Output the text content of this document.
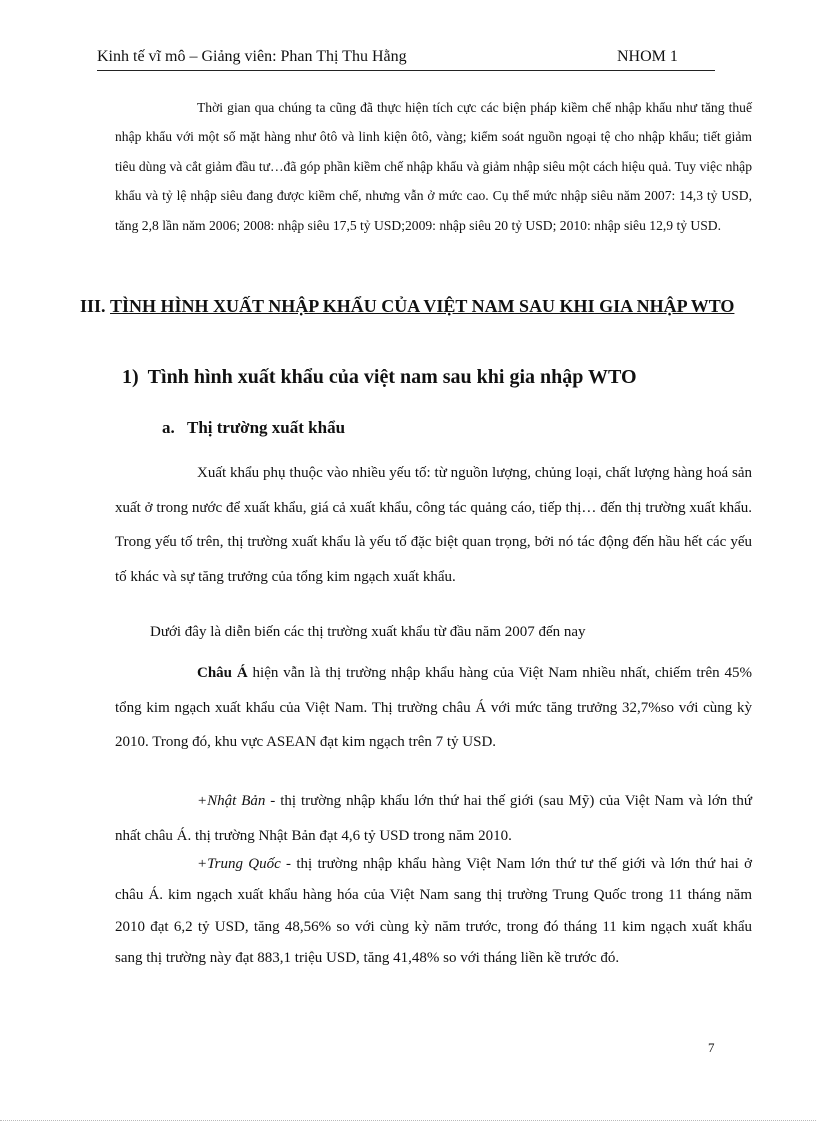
Kinh tế vĩ mô – Giảng viên: Phan Thị Thu Hằng	NHOM 1
Thời gian qua chúng ta cũng đã thực hiện tích cực các biện pháp kiềm chế nhập khẩu như tăng thuế nhập khẩu với một số mặt hàng như ôtô và linh kiện ôtô, vàng; kiểm soát nguồn ngoại tệ cho nhập khẩu; tiết giảm tiêu dùng và cắt giảm đầu tư…đã góp phần kiềm chế nhập khẩu và giảm nhập siêu một cách hiệu quả. Tuy việc nhập khẩu và tỷ lệ nhập siêu đang được kiềm chế, nhưng vẫn ở mức cao. Cụ thể mức nhập siêu năm 2007: 14,3 tỷ USD, tăng 2,8 lần năm 2006; 2008: nhập siêu 17,5 tỷ USD;2009: nhập siêu 20 tỷ USD; 2010: nhập siêu 12,9 tỷ USD.
III. TÌNH HÌNH XUẤT NHẬP KHẨU CỦA VIỆT NAM SAU KHI GIA NHẬP WTO
1) Tình hình xuất khẩu của việt nam sau khi gia nhập WTO
a. Thị trường xuất khẩu
Xuất khẩu phụ thuộc vào nhiều yếu tố: từ nguồn lượng, chủng loại, chất lượng hàng hoá sản xuất ở trong nước để xuất khẩu, giá cả xuất khẩu, công tác quảng cáo, tiếp thị… đến thị trường xuất khẩu. Trong yếu tố trên, thị trường xuất khẩu là yếu tố đặc biệt quan trọng, bởi nó tác động đến hầu hết các yếu tố khác và sự tăng trưởng của tổng kim ngạch xuất khẩu.
Dưới đây là diễn biến các thị trường xuất khẩu từ đầu năm 2007 đến nay
Châu Á hiện vẫn là thị trường nhập khẩu hàng của Việt Nam nhiều nhất, chiếm trên 45% tổng kim ngạch xuất khẩu của Việt Nam. Thị trường châu Á với mức tăng trưởng 32,7%so với cùng kỳ 2010. Trong đó, khu vực ASEAN đạt kim ngạch trên 7 tỷ USD.
+Nhật Bản - thị trường nhập khẩu lớn thứ hai thế giới (sau Mỹ) của Việt Nam và lớn thứ nhất châu Á. thị trường Nhật Bản đạt 4,6 tỷ USD trong năm 2010.
+Trung Quốc - thị trường nhập khẩu hàng Việt Nam lớn thứ tư thế giới và lớn thứ hai ở châu Á. kim ngạch xuất khẩu hàng hóa của Việt Nam sang thị trường Trung Quốc trong 11 tháng năm 2010 đạt 6,2 tỷ USD, tăng 48,56% so với cùng kỳ năm trước, trong đó tháng 11 kim ngạch xuất khẩu sang thị trường này đạt 883,1 triệu USD, tăng 41,48% so với tháng liền kề trước đó.
7
